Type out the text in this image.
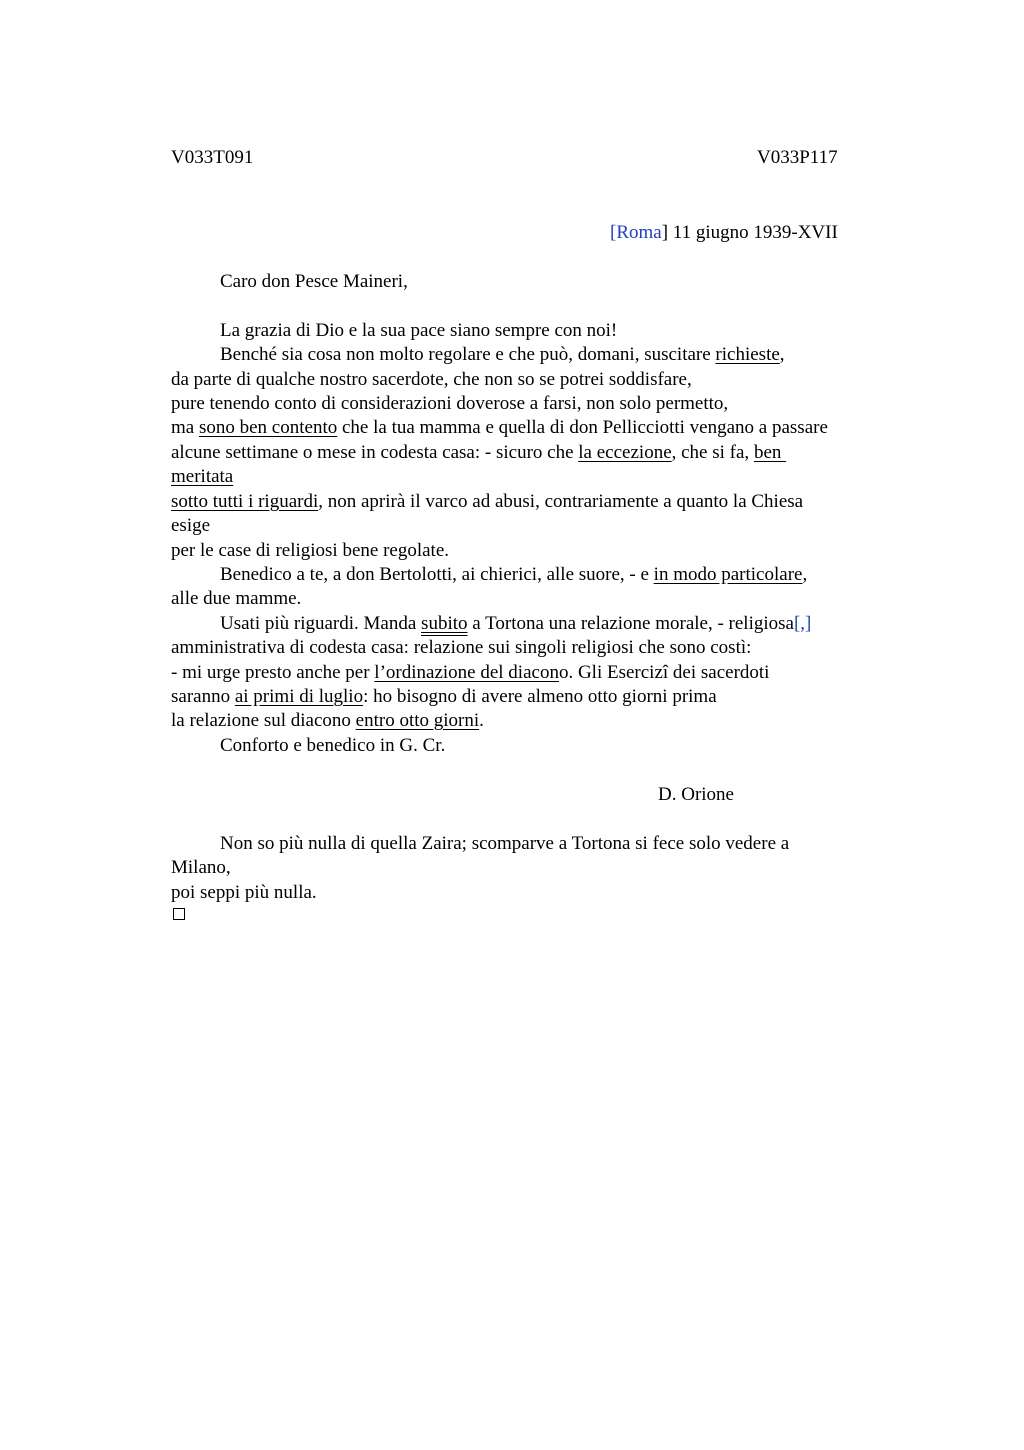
V033T091	V033P117
[Roma] 11 giugno 1939-XVII
Caro don Pesce Maineri,
La grazia di Dio e la sua pace siano sempre con noi!
Benché sia cosa non molto regolare e che può, domani, suscitare richieste,
da parte di qualche nostro sacerdote, che non so se potrei soddisfare,
pure tenendo conto di considerazioni doverose a farsi, non solo permetto,
ma sono ben contento che la tua mamma e quella di don Pellicciotti vengano a passare
alcune settimane o mese in codesta casa: - sicuro che la eccezione, che si fa, ben
meritata
sotto tutti i riguardi, non aprirà il varco ad abusi, contrariamente a quanto la Chiesa
esige
per le case di religiosi bene regolate.
Benedico a te, a don Bertolotti, ai chierici, alle suore, - e in modo particolare,
alle due mamme.
Usati più riguardi. Manda subito a Tortona una relazione morale, - religiosa[,]
amministrativa di codesta casa: relazione sui singoli religiosi che sono costì:
- mi urge presto anche per l’ordinazione del diacono. Gli Esercizi dei sacerdoti
saranno ai primi di luglio: ho bisogno di avere almeno otto giorni prima
la relazione sul diacono entro otto giorni.
Conforto e benedico in G. Cr.
D. Orione
Non so più nulla di quella Zaira; scomparve a Tortona si fece solo vedere a
Milano,
poi seppi più nulla.
